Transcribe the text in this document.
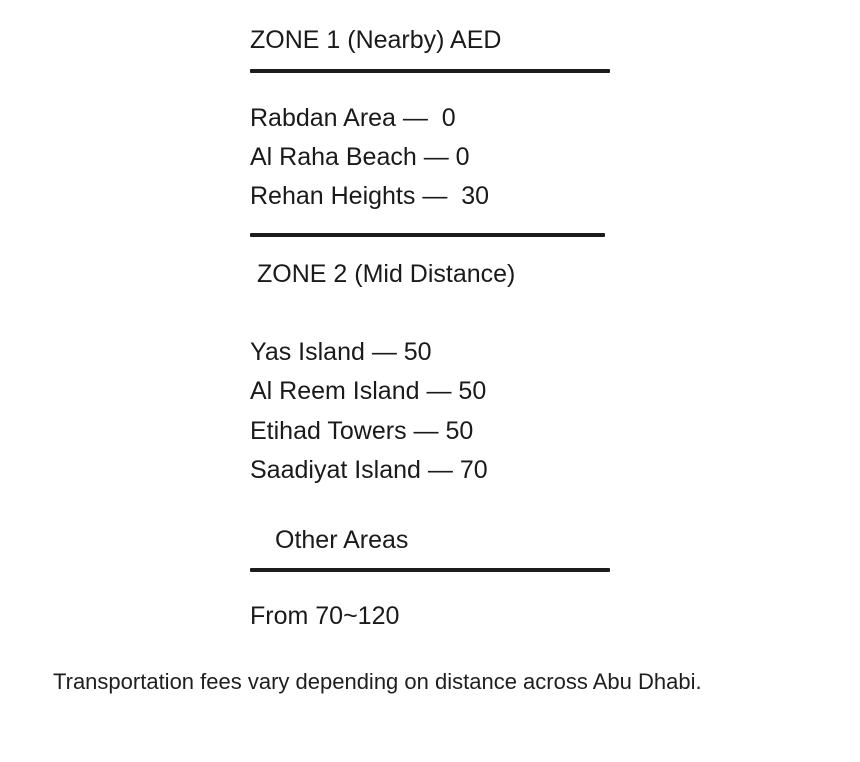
ZONE 1 (Nearby) AED
Rabdan Area —  0
Al Raha Beach — 0
Rehan Heights —  30
ZONE 2 (Mid Distance)
Yas Island — 50
Al Reem Island — 50
Etihad Towers — 50
Saadiyat Island — 70
Other Areas
From 70~120
Transportation fees vary depending on distance across Abu Dhabi.
